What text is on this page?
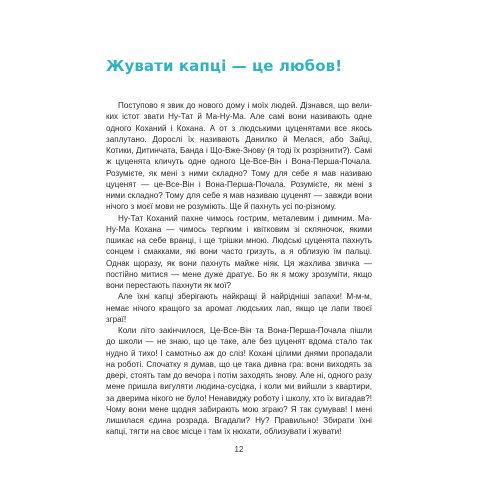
Жувати капці — це любов!

Поступово я звик до нового дому і моїх людей. Дізнався, що великих істот звати Ну-Тат й Ма-Ну-Ма. Але самі вони називають одне одного Коханий і Кохана. А от з людськими цуценятами все якось заплутано. Дорослі їх називають Данилко й Мелася, або Зайці, Котики, Дитинчата, Банда і Що-Вже-Знову (я тоді їх розрізнити?). Самі ж цуценята кличуть одне одного Це-Все-Він і Вона-Перша-Почала. Розумієте, як мені з ними складно? Тому для себе я мав називаю цуценят — це-Все-Він і Вона-Перша-Почала. Розумієте, як мені з ними складно? Тому для себе я мав називаю цуценят — завжди вони нічого з моєї мови не розуміють. Ще й пахнуть усі по-різному.

Ну-Тат Коханий пахне чимось гострим, металевим і димним. Ма-Ну-Ма Кохана — чимось терпким і квітковим зі скляночок, якими пшикає на себе вранці, і ще трішки мною. Людські цуценята пахнуть сонцем і смакками, які вони часто гризуть, а я облизую їм пальці. Однак щоразу, як вони пахнуть майже ніяк. Ця жахлива звичка — постійно митися — мене дуже дратує. Бо як я можу зрозуміти, якщо вони перестають пахнути як мої?

Але їхні капці зберігають найкращі й найрідніші запахи! М-м-м, немає нічого кращого за аромат людських лап, якщо це лапи твоєї зграї!

Коли літо закінчилося, Це-Все-Він та Вона-Перша-Почала пішли до школи — не знаю, що це таке, але без цуценят вдома стало так нудно й тихо! І самотньо аж до сліз! Кохані цілими днями пропадали на роботі. Спочатку я думав, що це така дивна гра: вони виходять за двері, стоять там до вечора і потім заходять знову. Але ні, одного разу мене пришла вигуляти людина-сусідка, і коли ми вийшли з квартири, за дверима нікого не було! Ненавиджу роботу і школу, хто їх вигадав?! Чому вони мене щодня забирають мою зграю? Я так сумував! І мені лишилася єдина розрада. Вгадали? Ну? Правильно! Збирати їхні капці, тягти на своє місце і там їх нюхати, облизувати і жувати!

12
